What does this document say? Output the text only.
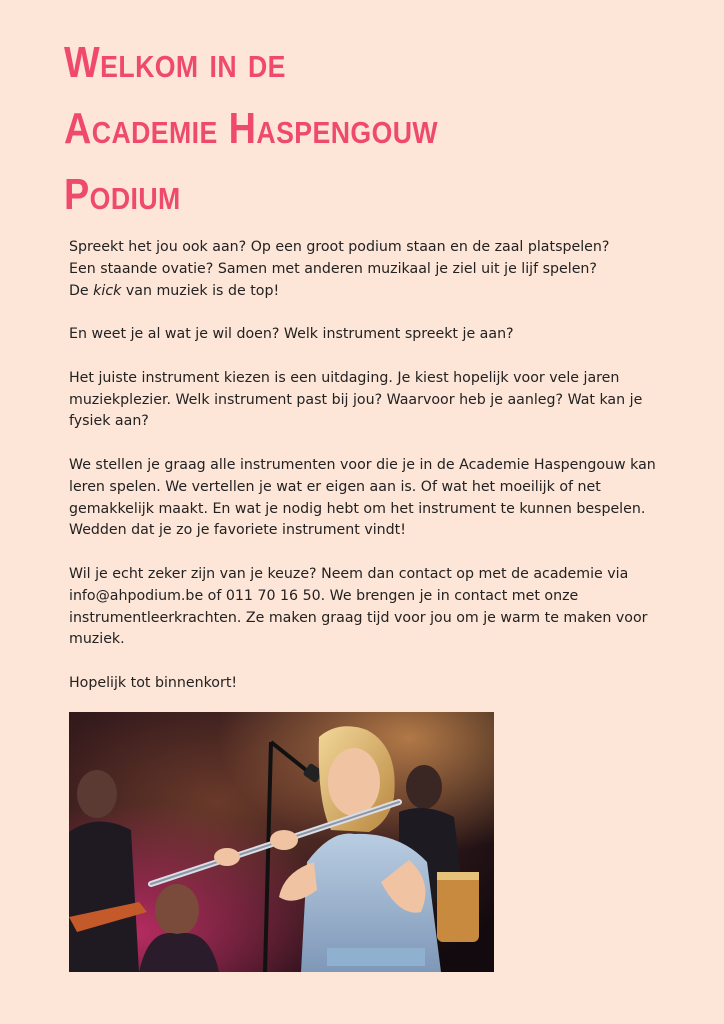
Welkom in de
Academie Haspengouw
Podium

Spreekt het jou ook aan? Op een groot podium staan en de zaal platspelen?
Een staande ovatie? Samen met anderen muzikaal je ziel uit je lijf spelen?
De kick van muziek is de top!

En weet je al wat je wil doen? Welk instrument spreekt je aan?

Het juiste instrument kiezen is een uitdaging. Je kiest hopelijk voor vele jaren
muziekplezier. Welk instrument past bij jou? Waarvoor heb je aanleg? Wat kan je
fysiek aan?

We stellen je graag alle instrumenten voor die je in de Academie Haspengouw kan
leren spelen. We vertellen je wat er eigen aan is. Of wat het moeilijk of net
gemakkelijk maakt. En wat je nodig hebt om het instrument te kunnen bespelen.
Wedden dat je zo je favoriete instrument vindt!

Wil je echt zeker zijn van je keuze? Neem dan contact op met de academie via
info@ahpodium.be of 011 70 16 50. We brengen je in contact met onze
instrumentleerkrachten. Ze maken graag tijd voor jou om je warm te maken voor
muziek.

Hopelijk tot binnenkort!
